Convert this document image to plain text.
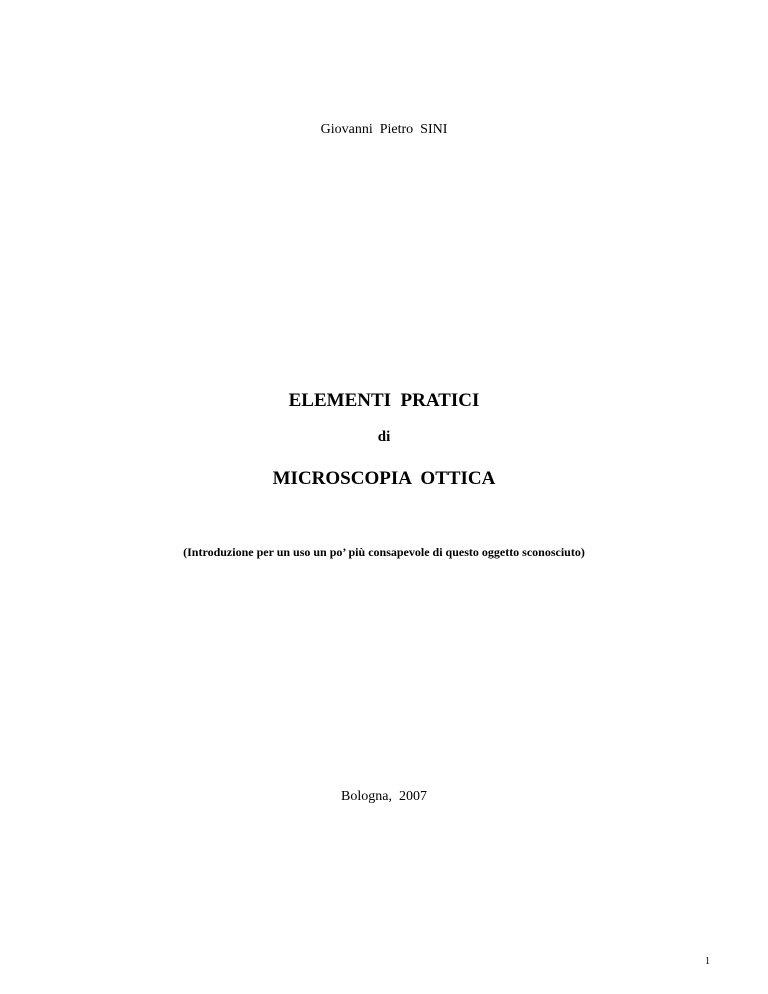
Giovanni  Pietro  SINI
ELEMENTI  PRATICI
di
MICROSCOPIA  OTTICA
(Introduzione per un uso un po’ più consapevole di questo oggetto sconosciuto)
Bologna,  2007
1
